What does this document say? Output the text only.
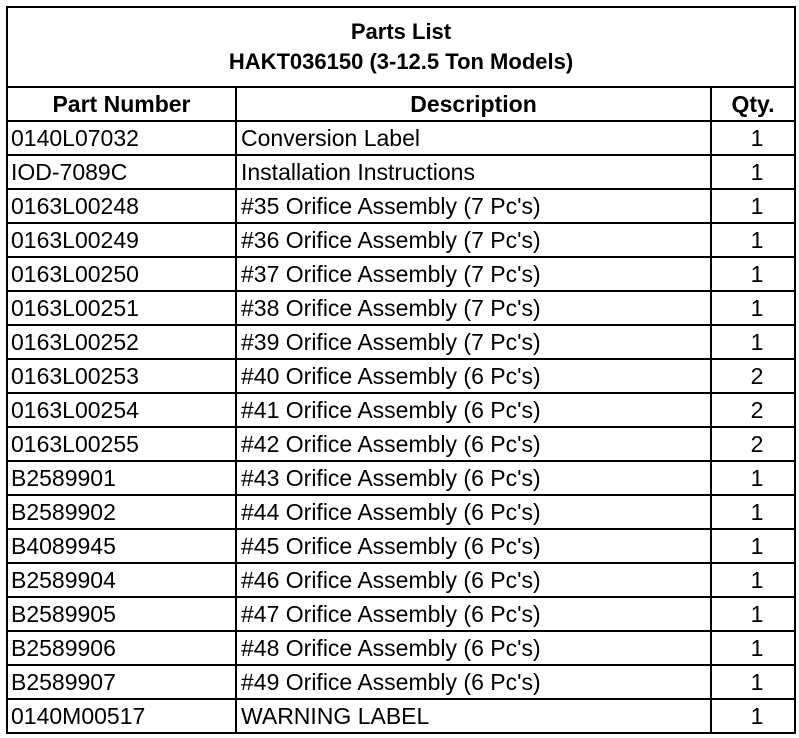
Parts List
HAKT036150 (3-12.5 Ton Models)		

Part Number	Description	Qty.
0140L07032	Conversion Label	1
IOD-7089C	Installation Instructions	1
0163L00248	#35 Orifice Assembly (7 Pc's)	1
0163L00249	#36 Orifice Assembly (7 Pc's)	1
0163L00250	#37 Orifice Assembly (7 Pc's)	1
0163L00251	#38 Orifice Assembly (7 Pc's)	1
0163L00252	#39 Orifice Assembly (7 Pc's)	1
0163L00253	#40 Orifice Assembly (6 Pc's)	2
0163L00254	#41 Orifice Assembly (6 Pc's)	2
0163L00255	#42 Orifice Assembly (6 Pc's)	2
B2589901	#43 Orifice Assembly (6 Pc's)	1
B2589902	#44 Orifice Assembly (6 Pc's)	1
B4089945	#45 Orifice Assembly (6 Pc's)	1
B2589904	#46 Orifice Assembly (6 Pc's)	1
B2589905	#47 Orifice Assembly (6 Pc's)	1
B2589906	#48 Orifice Assembly (6 Pc's)	1
B2589907	#49 Orifice Assembly (6 Pc's)	1
0140M00517	WARNING LABEL	1
